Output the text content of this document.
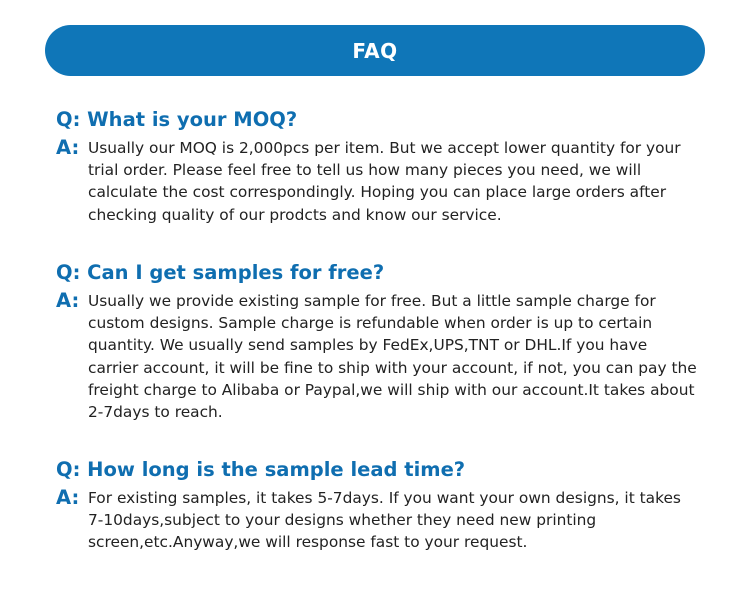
FAQ
Q: What is your MOQ?
A: Usually our MOQ is 2,000pcs per item. But we accept lower quantity for your trial order. Please feel free to tell us how many pieces you need, we will calculate the cost correspondingly. Hoping you can place large orders after checking quality of our prodcts and know our service.
Q: Can I get samples for free?
A: Usually we provide existing sample for free. But a little sample charge for custom designs. Sample charge is refundable when order is up to certain quantity. We usually send samples by FedEx,UPS,TNT or DHL.If you have carrier account, it will be fine to ship with your account, if not, you can pay the freight charge to Alibaba or Paypal,we will ship with our account.It takes about 2-7days to reach.
Q: How long is the sample lead time?
A: For existing samples, it takes 5-7days. If you want your own designs, it takes 7-10days,subject to your designs whether they need new printing screen,etc.Anyway,we will response fast to your request.
